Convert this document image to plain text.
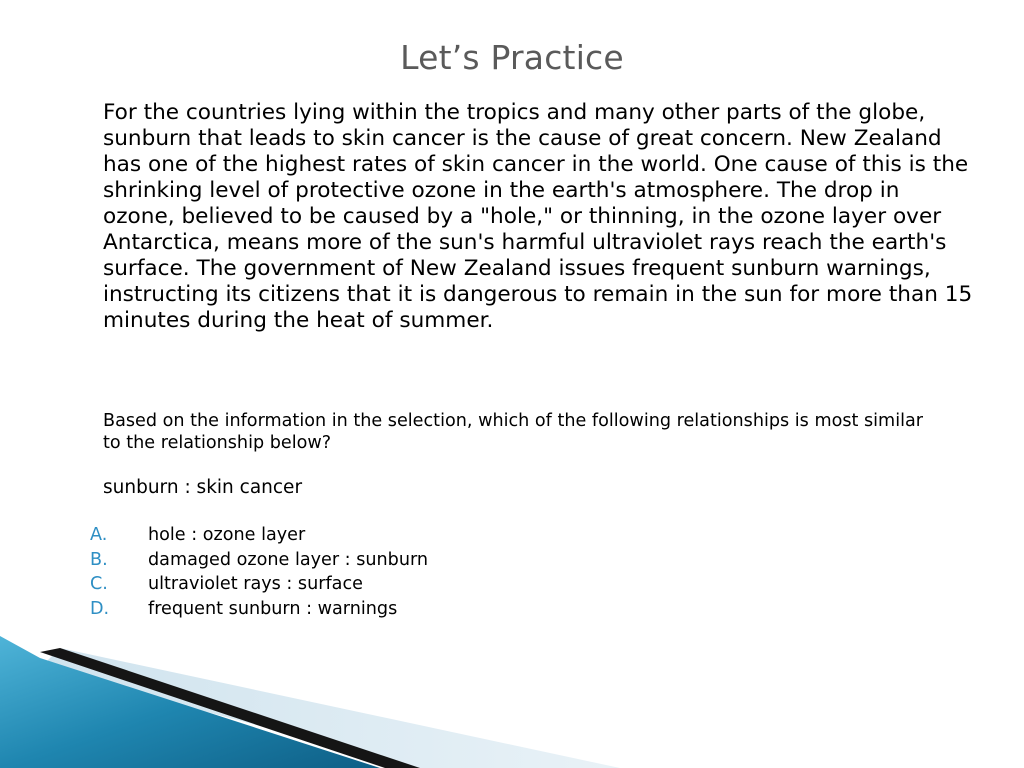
Let’s Practice

For the countries lying within the tropics and many other parts of the globe, sunburn that leads to skin cancer is the cause of great concern. New Zealand has one of the highest rates of skin cancer in the world. One cause of this is the shrinking level of protective ozone in the earth's atmosphere. The drop in ozone, believed to be caused by a "hole," or thinning, in the ozone layer over Antarctica, means more of the sun's harmful ultraviolet rays reach the earth's surface. The government of New Zealand issues frequent sunburn warnings, instructing its citizens that it is dangerous to remain in the sun for more than 15 minutes during the heat of summer.

Based on the information in the selection, which of the following relationships is most similar to the relationship below?

sunburn : skin cancer

A. hole : ozone layer
B. damaged ozone layer : sunburn
C. ultraviolet rays : surface
D. frequent sunburn : warnings
